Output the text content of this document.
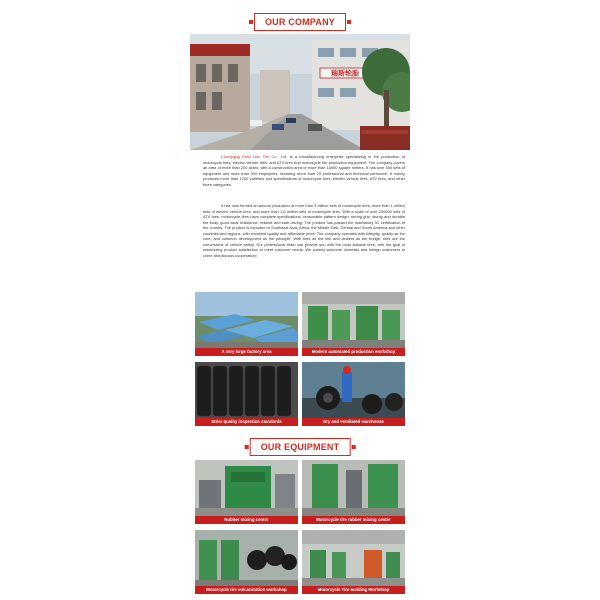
OUR COMPANY
瑞斯轮胎
Chongqing Ruisi Lidu Tire Co., Ltd. is a manufacturing enterprise specializing in the production of motorcycle tires, electric vehicle tires, and ATV tires And motorcycle tire production equipment. The company covers an area of more than 200 acres, with a construction area of more than 10000 square meters. It has over 500 sets of equipment and more than 300 employees, including more than 20 professional and technical personnel. It mainly produces more than 1200 varieties and specifications of motorcycle tires, electric vehicle tires, ATV tires, and other three categories.
It has now formed an annual production of more than 3 million sets of motorcycle tires, more than 1 million sets of electric vehicle tires, and more than 1.8 million sets of motorcycle tires. With a scale of over 200000 sets of ATV tires, motorcycle tires have complete specifications, reasonable pattern design, strong grip, sturdy and durable tire body, good wear resistance, reliable and safe driving. The product has passed the mandatory 3C certification of the country. The product is exported to Southeast Asia, Africa, the Middle East, Central and South America and other countries and regions, with excellent quality and affordable price! The company operates with integrity, quality as the core, and common development as the principle. With tires as the link and dealers as the bridge, tires are the cornerstone of vehicle safety. Our professional team can provide you with the most suitable tires, with the goal of maximizing product satisfaction to meet customer needs. We warmly welcome domestic and foreign customers to come and discuss cooperation!
A very large factory area	Modern automated production workshop
Strict quality inspection standards	Dry and ventilated warehouse
OUR EQUIPMENT
Rubber mixing center	Motorcycle tire rubber mixing center
Motorcycle tire vulcanization workshop	Motorcycle Tire Molding Workshop
